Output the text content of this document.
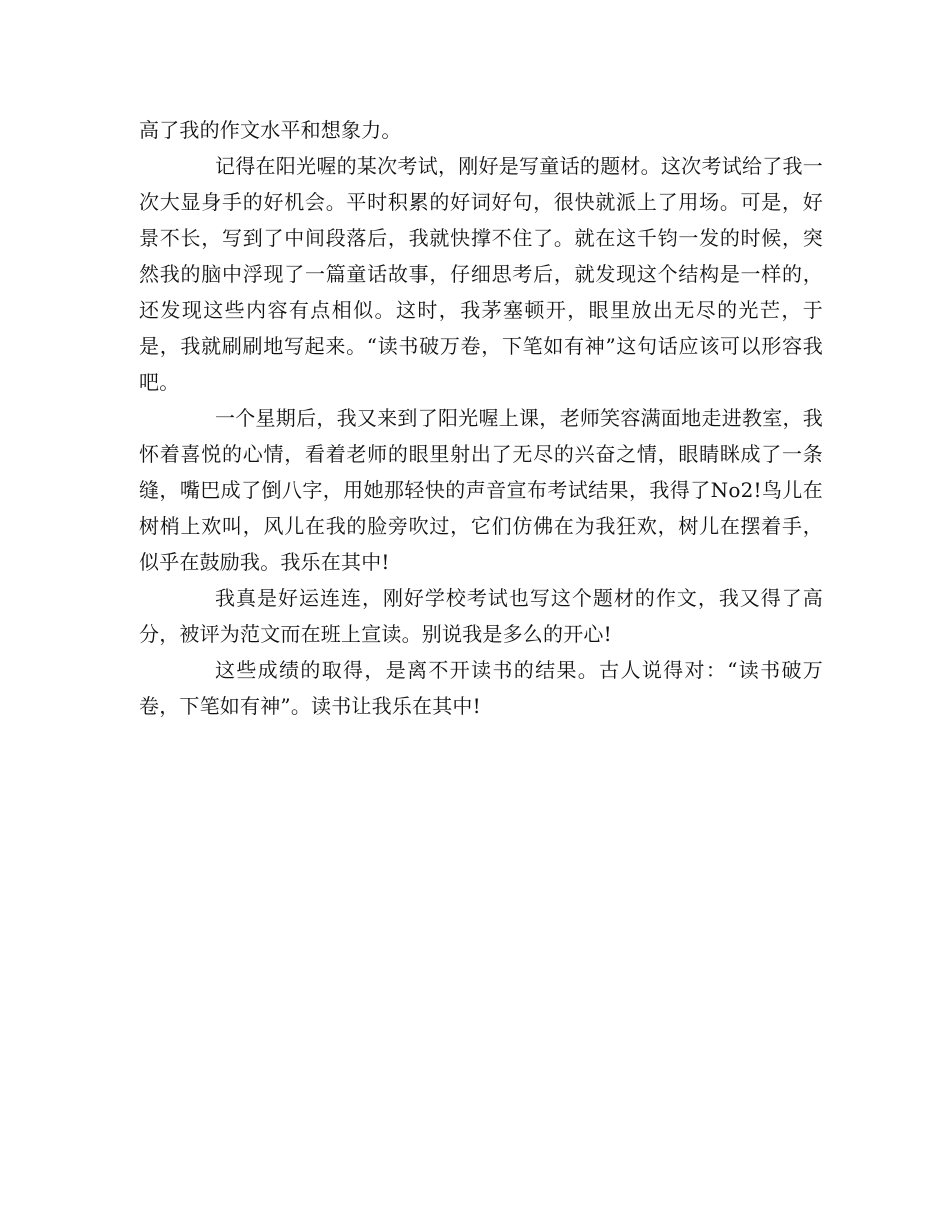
高了我的作文水平和想象力。

记得在阳光喔的某次考试，刚好是写童话的题材。这次考试给了我一次大显身手的好机会。平时积累的好词好句，很快就派上了用场。可是，好景不长，写到了中间段落后，我就快撑不住了。就在这千钧一发的时候，突然我的脑中浮现了一篇童话故事，仔细思考后，就发现这个结构是一样的，还发现这些内容有点相似。这时，我茅塞顿开，眼里放出无尽的光芒，于是，我就刷刷地写起来。“读书破万卷，下笔如有神”这句话应该可以形容我吧。

一个星期后，我又来到了阳光喔上课，老师笑容满面地走进教室，我怀着喜悦的心情，看着老师的眼里射出了无尽的兴奋之情，眼睛眯成了一条缝，嘴巴成了倒八字，用她那轻快的声音宣布考试结果，我得了No2!鸟儿在树梢上欢叫，风儿在我的脸旁吹过，它们仿佛在为我狂欢，树儿在摆着手，似乎在鼓励我。我乐在其中!

我真是好运连连，刚好学校考试也写这个题材的作文，我又得了高分，被评为范文而在班上宣读。别说我是多么的开心!

这些成绩的取得，是离不开读书的结果。古人说得对：“读书破万卷，下笔如有神”。读书让我乐在其中!
